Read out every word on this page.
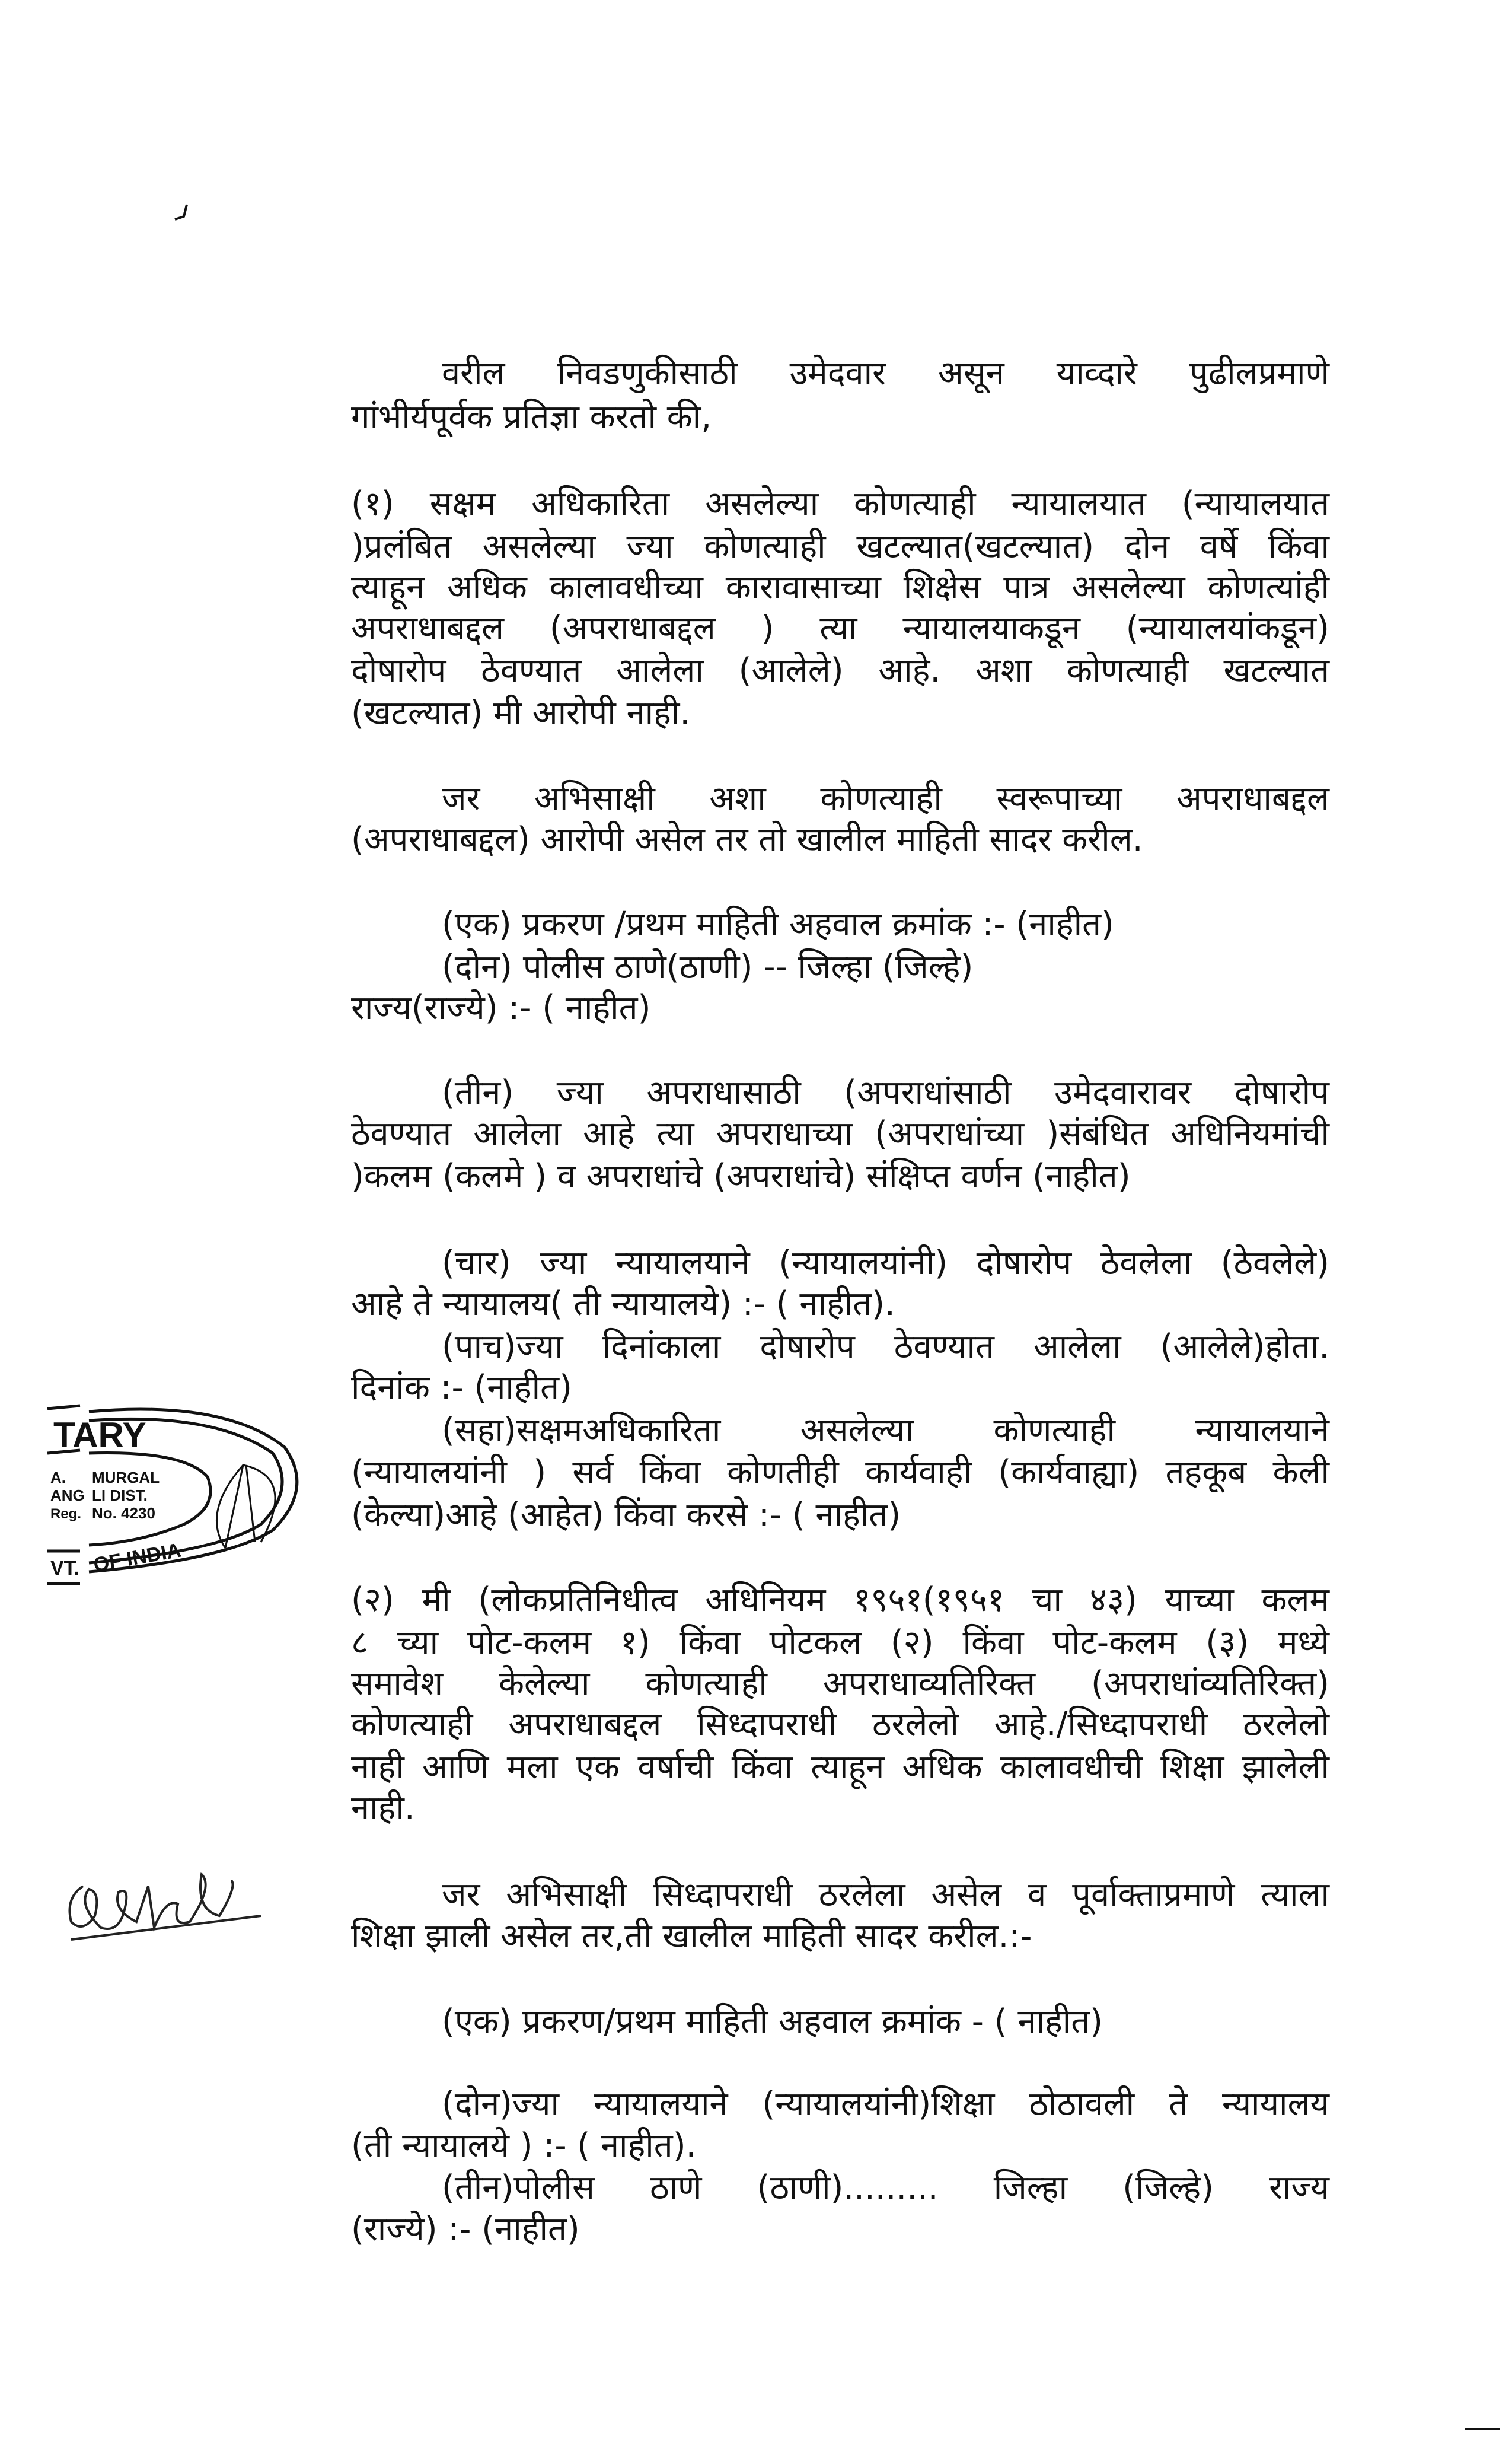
वरील निवडणुकीसाठी उमेदवार असून याव्दारे पुढीलप्रमाणे
गांभीर्यपूर्वक प्रतिज्ञा करतो की,
(१) सक्षम अधिकारिता असलेल्या कोणत्याही न्यायालयात (न्यायालयात
)प्रलंबित असलेल्या ज्या कोणत्याही खटल्यात(खटल्यात) दोन वर्षे किंवा
त्याहून अधिक कालावधीच्या कारावासाच्या शिक्षेस पात्र असलेल्या कोणत्यांही
अपराधाबद्दल (अपराधाबद्दल ) त्या न्यायालयाकडून (न्यायालयांकडून)
दोषारोप ठेवण्यात आलेला (आलेले) आहे. अशा कोणत्याही खटल्यात
(खटल्यात) मी आरोपी नाही.
जर अभिसाक्षी अशा कोणत्याही स्वरूपाच्या अपराधाबद्दल
(अपराधाबद्दल) आरोपी असेल तर तो खालील माहिती सादर करील.
(एक) प्रकरण /प्रथम माहिती अहवाल क्रमांक :- (नाहीत)
(दोन) पोलीस ठाणे(ठाणी) -- जिल्हा (जिल्हे)
राज्य(राज्ये) :- ( नाहीत)
(तीन) ज्या अपराधासाठी (अपराधांसाठी उमेदवारावर दोषारोप
ठेवण्यात आलेला आहे त्या अपराधाच्या (अपराधांच्या )संबंधित अधिनियमांची
)कलम (कलमे ) व अपराधांचे (अपराधांचे) संक्षिप्त वर्णन (नाहीत)
(चार) ज्या न्यायालयाने (न्यायालयांनी) दोषारोप ठेवलेला (ठेवलेले)
आहे ते न्यायालय( ती न्यायालये) :- ( नाहीत).
(पाच)ज्या दिनांकाला दोषारोप ठेवण्यात आलेला (आलेले)होता.
दिनांक :- (नाहीत)
(सहा)सक्षमअधिकारिता असलेल्या कोणत्याही न्यायालयाने
(न्यायालयांनी ) सर्व किंवा कोणतीही कार्यवाही (कार्यवाह्या) तहकूब केली
(केल्या)आहे (आहेत) किंवा करसे :- ( नाहीत)
(२) मी (लोकप्रतिनिधीत्व अधिनियम १९५१(१९५१ चा ४३) याच्या कलम
८ च्या पोट-कलम १) किंवा पोटकल (२) किंवा पोट-कलम (३) मध्ये
समावेश केलेल्या कोणत्याही अपराधाव्यतिरिक्त (अपराधांव्यतिरिक्त)
कोणत्याही अपराधाबद्दल सिध्दापराधी ठरलेलो आहे./सिध्दापराधी ठरलेलो
नाही आणि मला एक वर्षाची किंवा त्याहून अधिक कालावधीची शिक्षा झालेली
नाही.
जर अभिसाक्षी सिध्दापराधी ठरलेला असेल व पूर्वाक्ताप्रमाणे त्याला
शिक्षा झाली असेल तर,ती खालील माहिती सादर करील.:-
(एक) प्रकरण/प्रथम माहिती अहवाल क्रमांक - ( नाहीत)
(दोन)ज्या न्यायालयाने (न्यायालयांनी)शिक्षा ठोठावली ते न्यायालय
(ती न्यायालये ) :- ( नाहीत).
(तीन)पोलीस ठाणे (ठाणी)......... जिल्हा (जिल्हे) राज्य
(राज्ये) :- (नाहीत)
TARY
A. MURGAL
ANG LI DIST.
Reg. No. 4230
VT. OF INDIA
